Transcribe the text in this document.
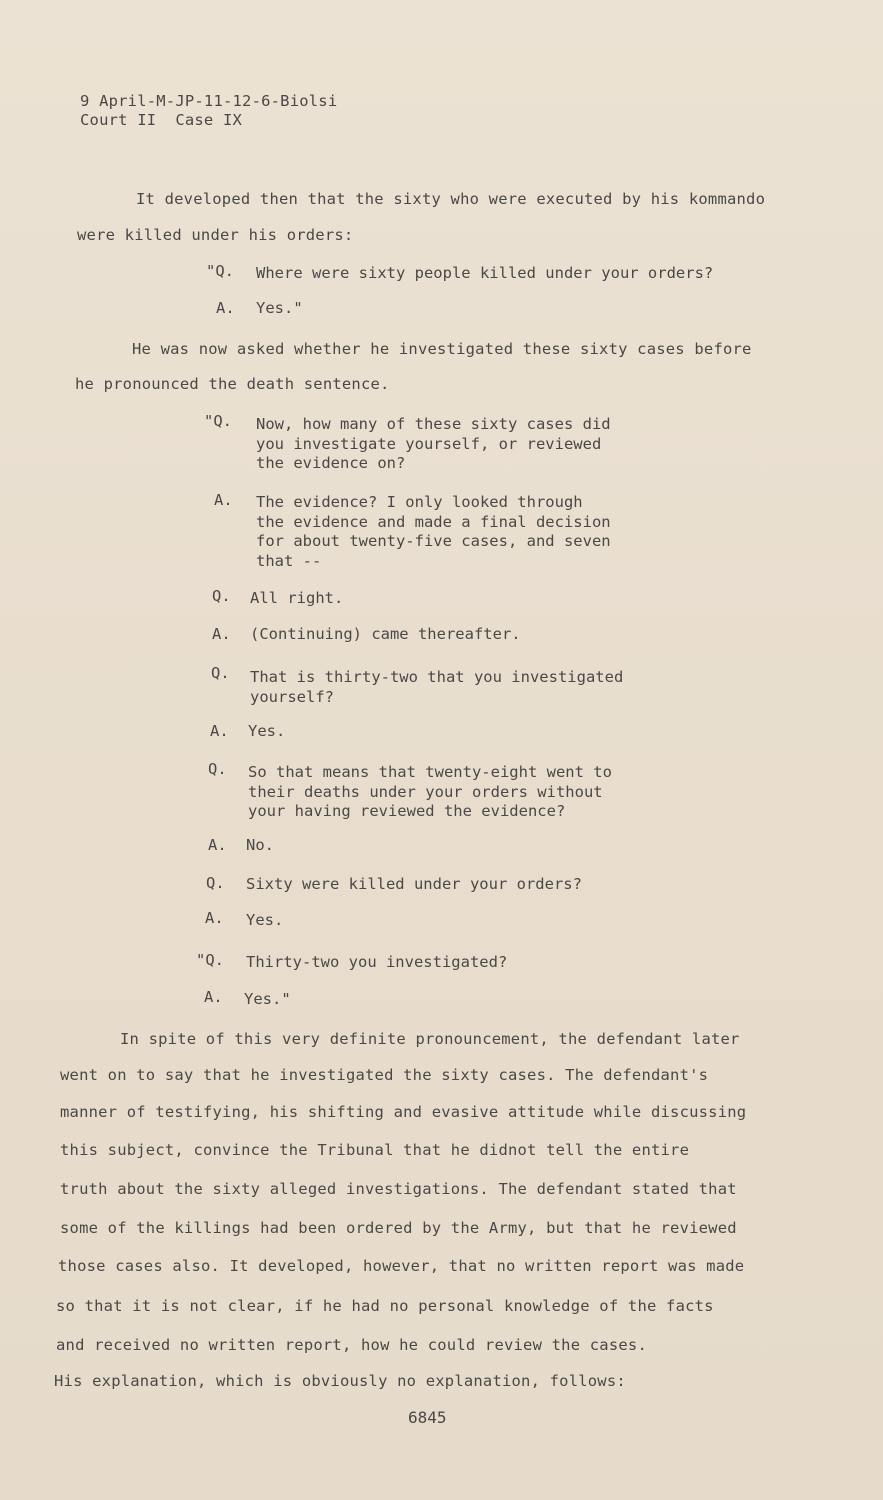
9 April-M-JP-11-12-6-Biolsi
Court II  Case IX
It developed then that the sixty who were executed by his kommando
were killed under his orders:
"Q. Where were sixty people killed under your orders?
A. Yes."
He was now asked whether he investigated these sixty cases before
he pronounced the death sentence.
"Q. Now, how many of these sixty cases did
you investigate yourself, or reviewed
the evidence on?
A. The evidence? I only looked through
the evidence and made a final decision
for about twenty-five cases, and seven
that --
Q. All right.
A. (Continuing) came thereafter.
Q. That is thirty-two that you investigated
yourself?
A. Yes.
Q. So that means that twenty-eight went to
their deaths under your orders without
your having reviewed the evidence?
A. No.
Q. Sixty were killed under your orders?
A. Yes.
"Q. Thirty-two you investigated?
A. Yes."
In spite of this very definite pronouncement, the defendant later
went on to say that he investigated the sixty cases. The defendant's
manner of testifying, his shifting and evasive attitude while discussing
this subject, convince the Tribunal that he didnot tell the entire
truth about the sixty alleged investigations. The defendant stated that
some of the killings had been ordered by the Army, but that he reviewed
those cases also. It developed, however, that no written report was made
so that it is not clear, if he had no personal knowledge of the facts
and received no written report, how he could review the cases.
His explanation, which is obviously no explanation, follows:
6845
